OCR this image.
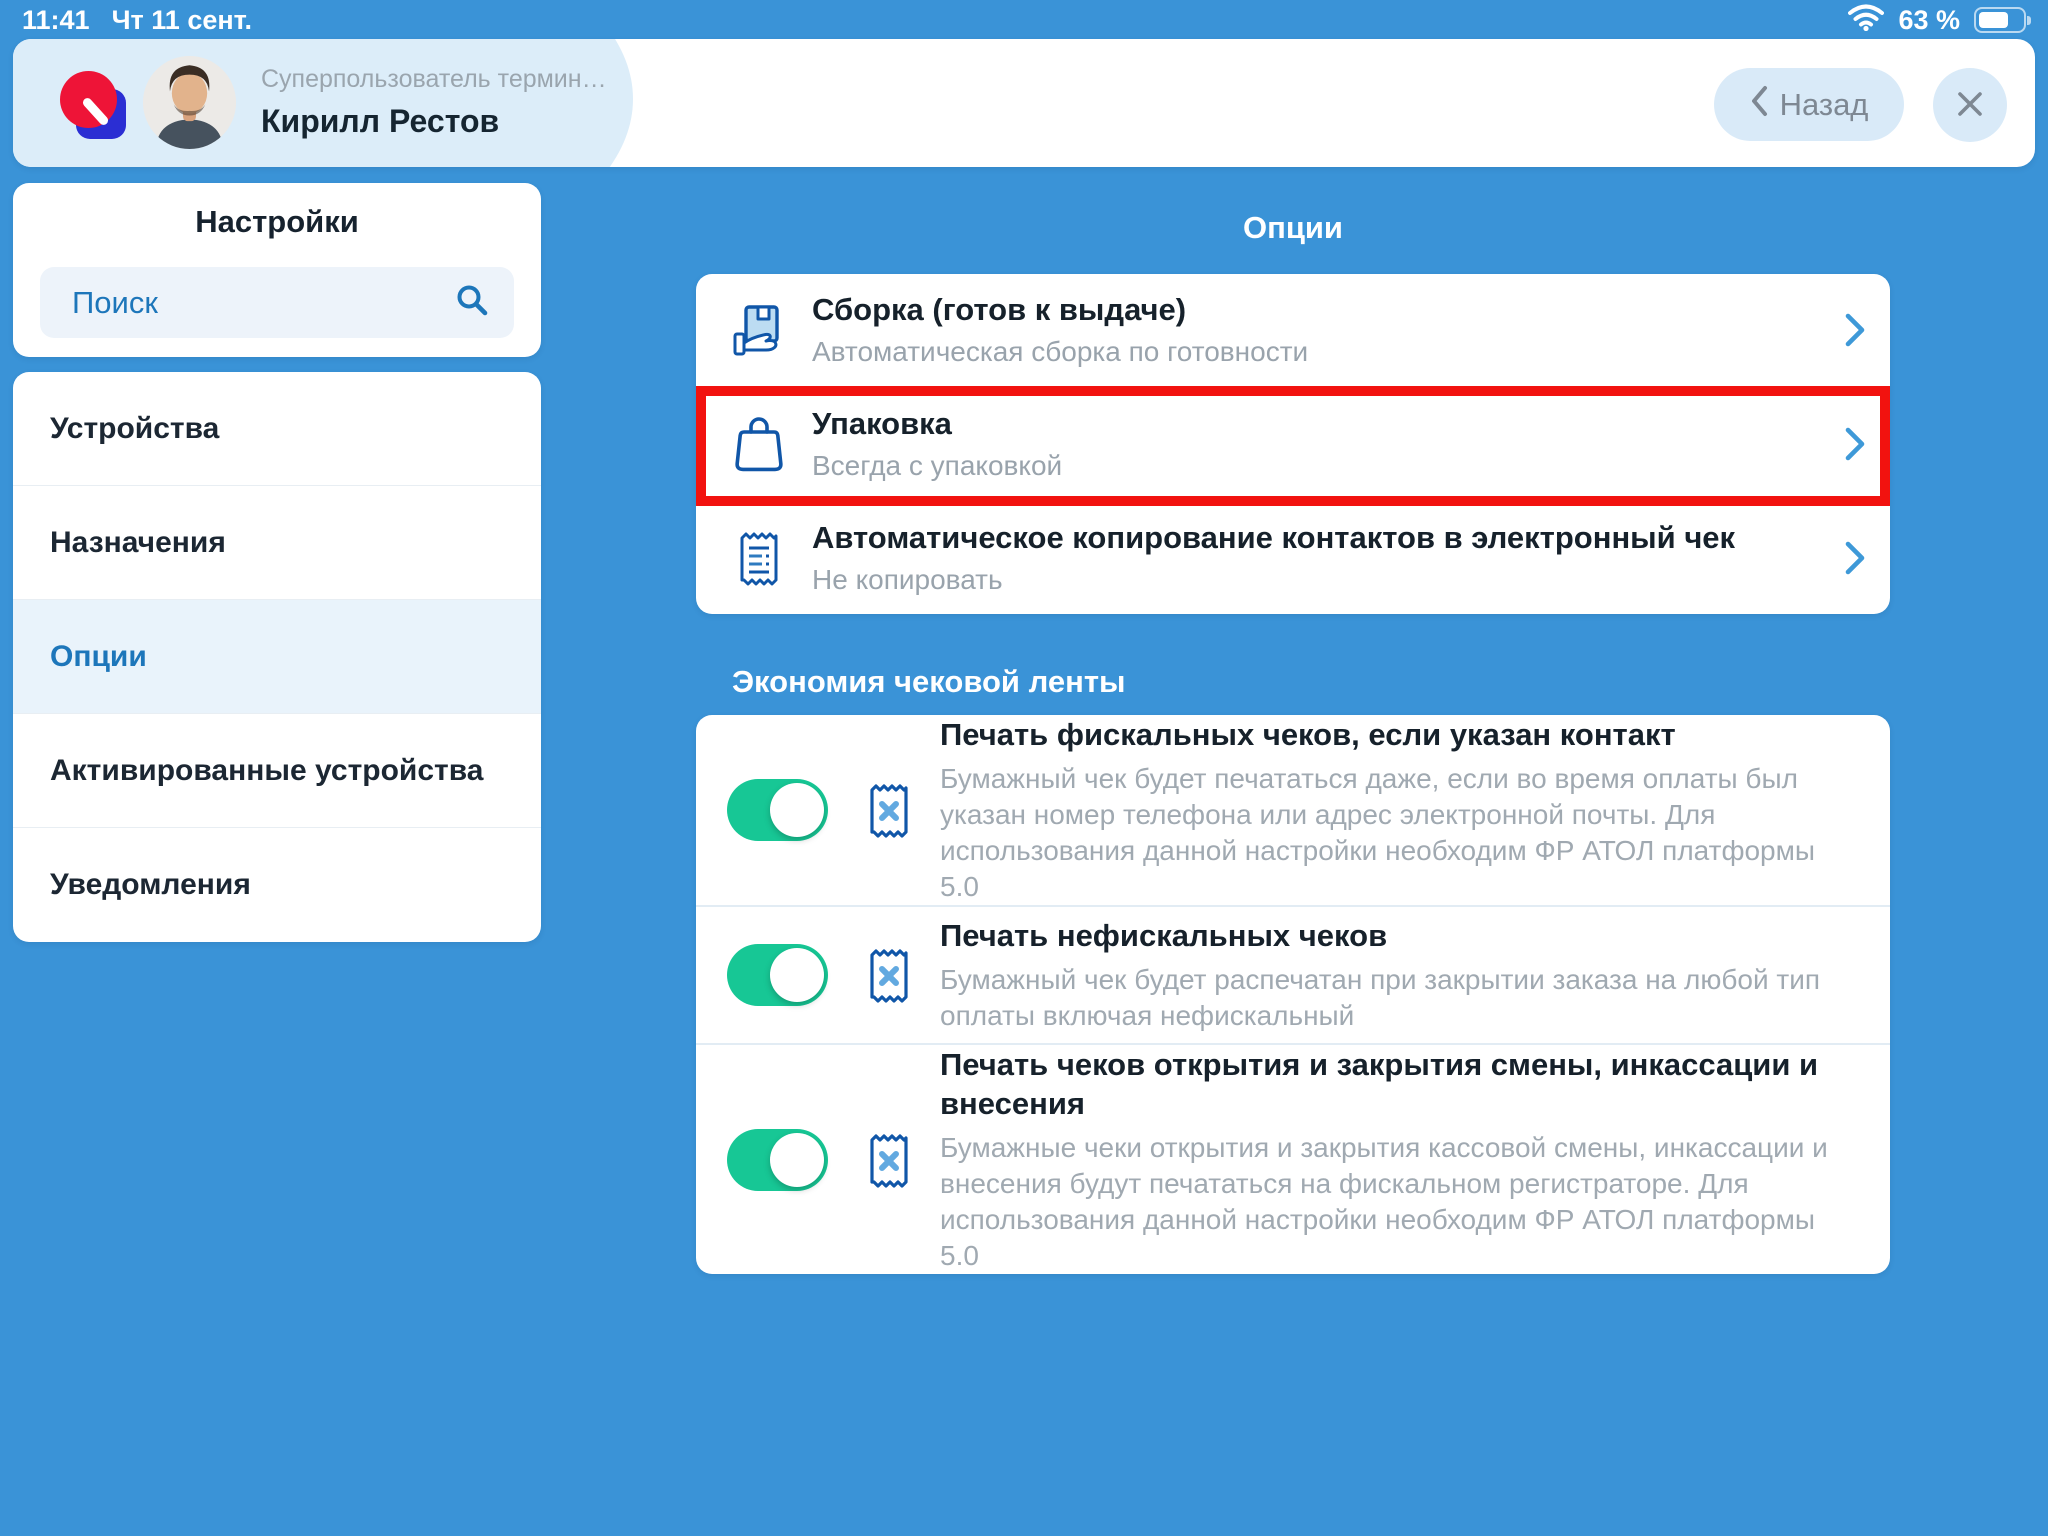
11:41 Чт 11 сент.	63 %
Суперпользователь термин…
Кирилл Рестов	Назад
Настройки
Поиск
Устройства
Назначения
Опции
Активированные устройства
Уведомления
Опции
Сборка (готов к выдаче)
Автоматическая сборка по готовности
Упаковка
Всегда с упаковкой
Автоматическое копирование контактов в электронный чек
Не копировать
Экономия чековой ленты
Печать фискальных чеков, если указан контакт
Бумажный чек будет печататься даже, если во время оплаты был указан номер телефона или адрес электронной почты. Для использования данной настройки необходим ФР АТОЛ платформы 5.0
Печать нефискальных чеков
Бумажный чек будет распечатан при закрытии заказа на любой тип оплаты включая нефискальный
Печать чеков открытия и закрытия смены, инкассации и внесения
Бумажные чеки открытия и закрытия кассовой смены, инкассации и внесения будут печататься на фискальном регистраторе. Для использования данной настройки необходим ФР АТОЛ платформы 5.0
